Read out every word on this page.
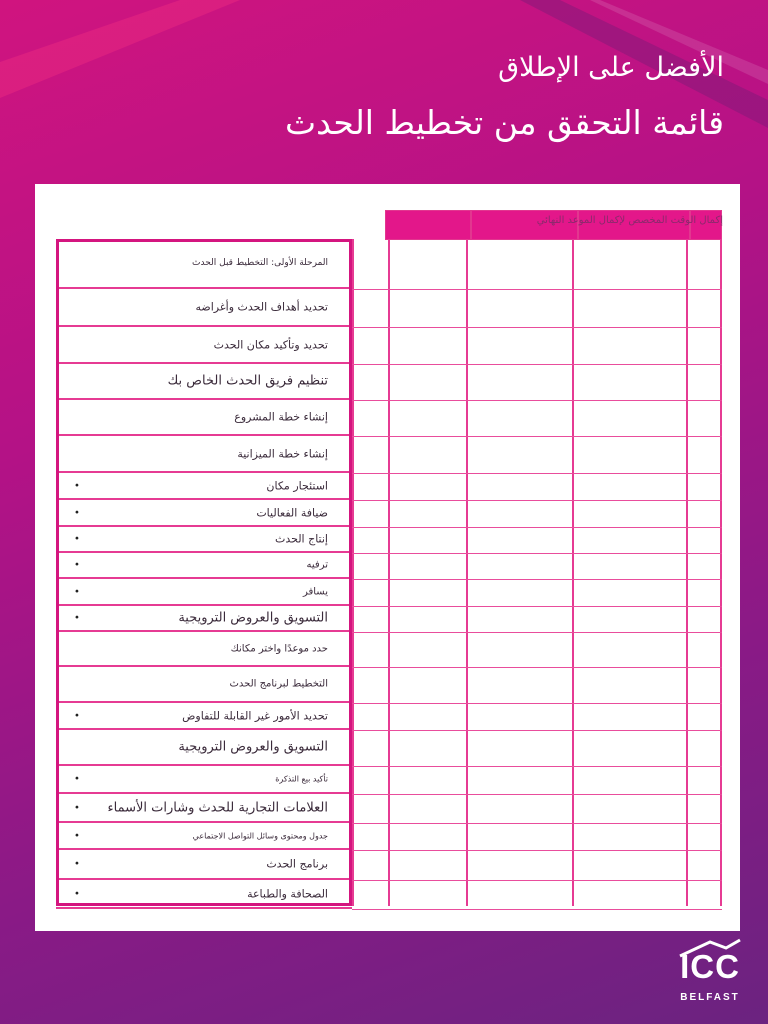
الأفضل على الإطلاق
قائمة التحقق من تخطيط الحدث
إكمال الوقت المخصص لإكمال الموعد النهائي
المرحلة الأولى: التخطيط قبل الحدث
تحديد أهداف الحدث وأغراضه
تحديد وتأكيد مكان الحدث
تنظيم فريق الحدث الخاص بك
إنشاء خطة المشروع
إنشاء خطة الميزانية
استئجار مكان
•
ضيافة الفعاليات
•
إنتاج الحدث
•
ترفيه
•
يسافر
•
التسويق والعروض الترويجية
•
حدد موعدًا واختر مكانك
التخطيط لبرنامج الحدث
تحديد الأمور غير القابلة للتفاوض
•
التسويق والعروض الترويجية
تأكيد بيع التذكرة
•
العلامات التجارية للحدث وشارات الأسماء
•
جدول ومحتوى وسائل التواصل الاجتماعي
•
برنامج الحدث
•
الصحافة والطباعة
•
ICC
BELFAST
